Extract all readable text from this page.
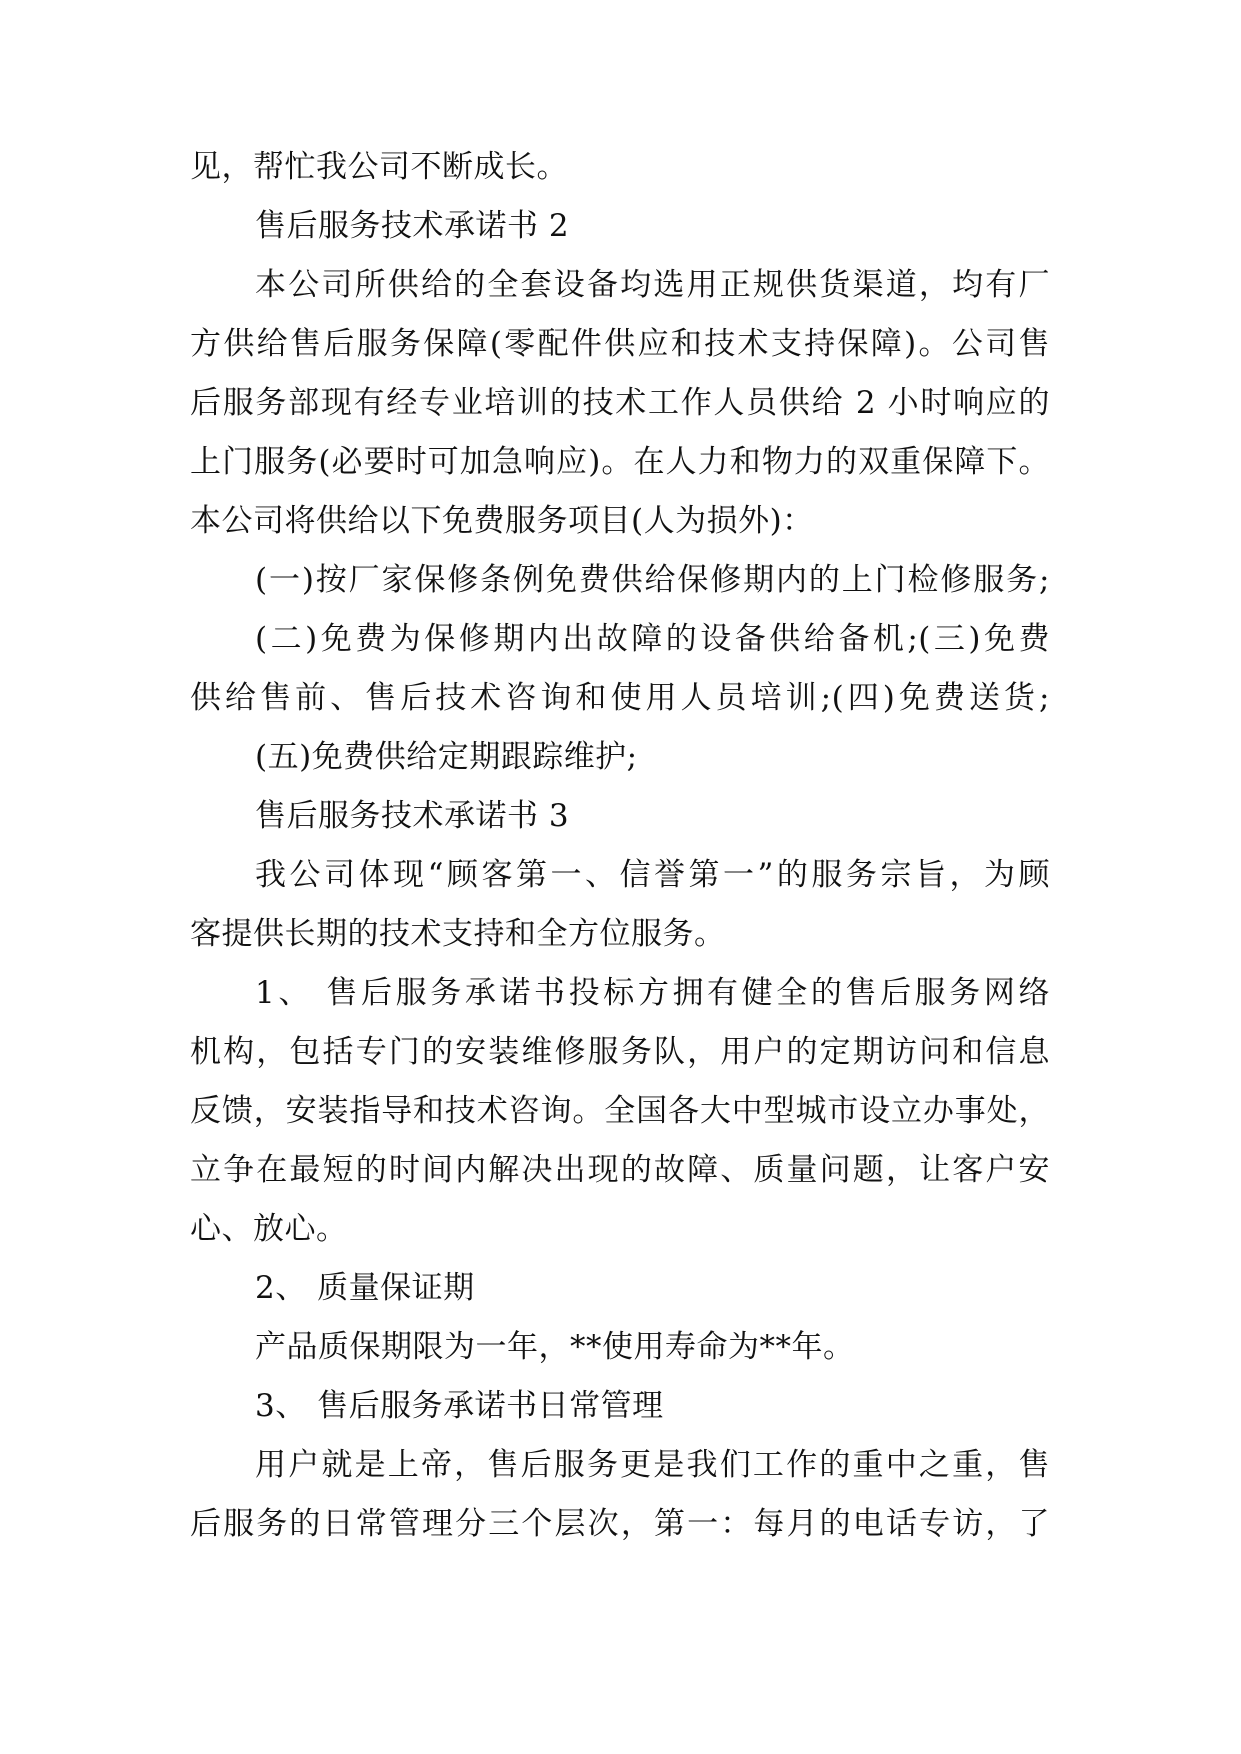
见，帮忙我公司不断成长。
售后服务技术承诺书 2
本公司所供给的全套设备均选用正规供货渠道，均有厂
方供给售后服务保障(零配件供应和技术支持保障)。公司售
后服务部现有经专业培训的技术工作人员供给 2 小时响应的
上门服务(必要时可加急响应)。在人力和物力的双重保障下。
本公司将供给以下免费服务项目(人为损外)：
(一)按厂家保修条例免费供给保修期内的上门检修服务;
(二)免费为保修期内出故障的设备供给备机;(三)免费
供给售前、售后技术咨询和使用人员培训;(四)免费送货;
(五)免费供给定期跟踪维护;
售后服务技术承诺书 3
我公司体现“顾客第一、信誉第一”的服务宗旨，为顾
客提供长期的技术支持和全方位服务。
1、 售后服务承诺书投标方拥有健全的售后服务网络
机构，包括专门的安装维修服务队，用户的定期访问和信息
反馈，安装指导和技术咨询。全国各大中型城市设立办事处，
立争在最短的时间内解决出现的故障、质量问题，让客户安
心、放心。
2、 质量保证期
产品质保期限为一年，**使用寿命为**年。
3、 售后服务承诺书日常管理
用户就是上帝，售后服务更是我们工作的重中之重，售
后服务的日常管理分三个层次，第一：每月的电话专访，了
